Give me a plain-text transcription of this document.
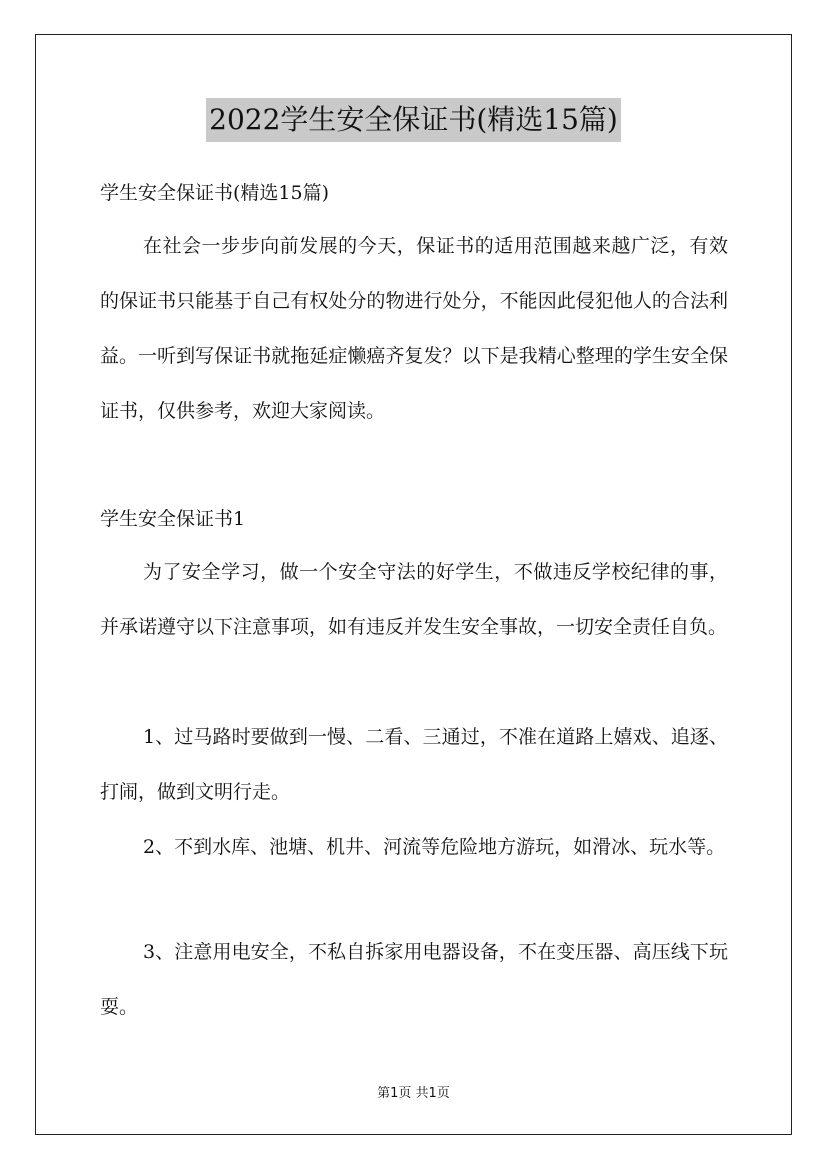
2022学生安全保证书(精选15篇)

学生安全保证书(精选15篇)

在社会一步步向前发展的今天，保证书的适用范围越来越广泛，有效的保证书只能基于自己有权处分的物进行处分，不能因此侵犯他人的合法利益。一听到写保证书就拖延症懒癌齐复发？以下是我精心整理的学生安全保证书，仅供参考，欢迎大家阅读。

学生安全保证书1

为了安全学习，做一个安全守法的好学生，不做违反学校纪律的事，并承诺遵守以下注意事项，如有违反并发生安全事故，一切安全责任自负。

1、过马路时要做到一慢、二看、三通过，不准在道路上嬉戏、追逐、打闹，做到文明行走。

2、不到水库、池塘、机井、河流等危险地方游玩，如滑冰、玩水等。

3、注意用电安全，不私自拆家用电器设备，不在变压器、高压线下玩耍。

第1页 共1页
